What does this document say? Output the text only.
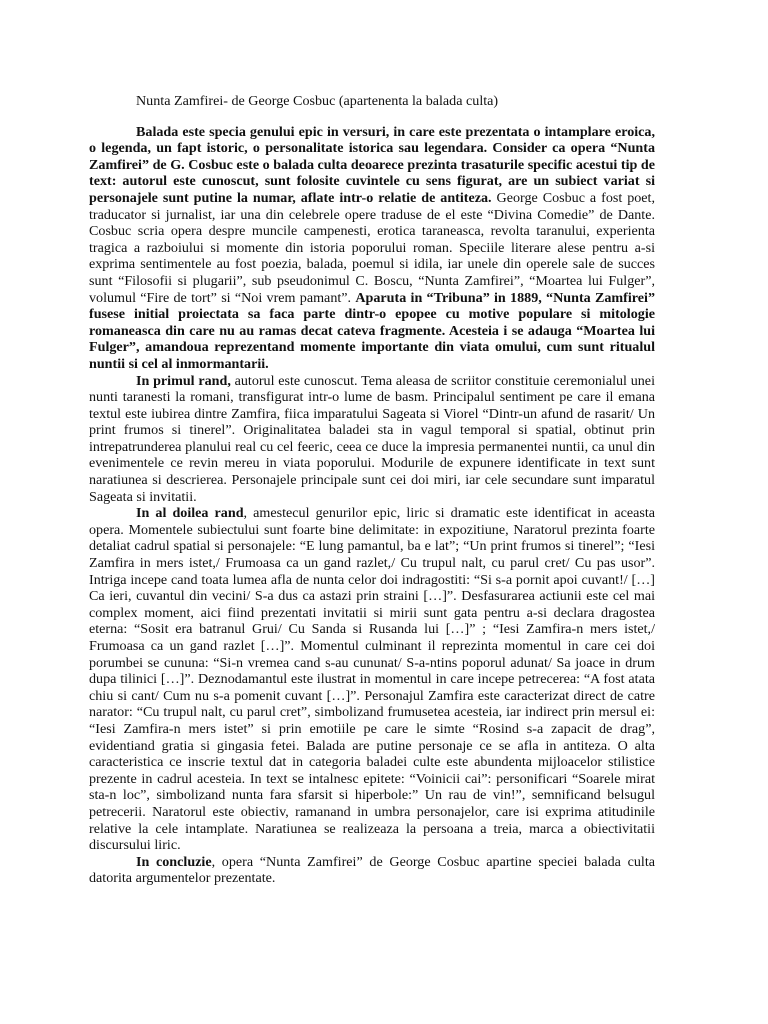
Nunta Zamfirei- de George Cosbuc (apartenenta la balada culta)

Balada este specia genului epic in versuri, in care este prezentata o intamplare eroica, o legenda, un fapt istoric, o personalitate istorica sau legendara. Consider ca opera “Nunta Zamfirei” de G. Cosbuc este o balada culta deoarece prezinta trasaturile specific acestui tip de text: autorul este cunoscut, sunt folosite cuvintele cu sens figurat, are un subiect variat si personajele sunt putine la numar, aflate intr-o relatie de antiteza. George Cosbuc a fost poet, traducator si jurnalist, iar una din celebrele opere traduse de el este “Divina Comedie” de Dante. Cosbuc scria opera despre muncile campenesti, erotica taraneasca, revolta taranului, experienta tragica a razboiului si momente din istoria poporului roman. Speciile literare alese pentru a-si exprima sentimentele au fost poezia, balada, poemul si idila, iar unele din operele sale de succes sunt “Filosofii si plugarii”, sub pseudonimul C. Boscu, “Nunta Zamfirei”, “Moartea lui Fulger”, volumul “Fire de tort” si “Noi vrem pamant”. Aparuta in “Tribuna” in 1889, “Nunta Zamfirei” fusese initial proiectata sa faca parte dintr-o epopee cu motive populare si mitologie romaneasca din care nu au ramas decat cateva fragmente. Acesteia i se adauga “Moartea lui Fulger”, amandoua reprezentand momente importante din viata omului, cum sunt ritualul nuntii si cel al inmormantarii.

In primul rand, autorul este cunoscut. Tema aleasa de scriitor constituie ceremonialul unei nunti taranesti la romani, transfigurat intr-o lume de basm. Principalul sentiment pe care il emana textul este iubirea dintre Zamfira, fiica imparatului Sageata si Viorel “Dintr-un afund de rasarit/ Un print frumos si tinerel”. Originalitatea baladei sta in vagul temporal si spatial, obtinut prin intrepatrunderea planului real cu cel feeric, ceea ce duce la impresia permanentei nuntii, ca unul din evenimentele ce revin mereu in viata poporului. Modurile de expunere identificate in text sunt naratiunea si descrierea. Personajele principale sunt cei doi miri, iar cele secundare sunt imparatul Sageata si invitatii.

In al doilea rand, amestecul genurilor epic, liric si dramatic este identificat in aceasta opera. Momentele subiectului sunt foarte bine delimitate: in expozitiune, Naratorul prezinta foarte detaliat cadrul spatial si personajele: “E lung pamantul, ba e lat”; “Un print frumos si tinerel”; “Iesi Zamfira in mers istet,/ Frumoasa ca un gand razlet,/ Cu trupul nalt, cu parul cret/ Cu pas usor”. Intriga incepe cand toata lumea afla de nunta celor doi indragostiti: “Si s-a pornit apoi cuvant!/ […] Ca ieri, cuvantul din vecini/ S-a dus ca astazi prin straini […]”. Desfasurarea actiunii este cel mai complex moment, aici fiind prezentati invitatii si mirii sunt gata pentru a-si declara dragostea eterna: “Sosit era batranul Grui/ Cu Sanda si Rusanda lui […]” ; “Iesi Zamfira-n mers istet,/ Frumoasa ca un gand razlet […]”. Momentul culminant il reprezinta momentul in care cei doi porumbei se cununa: “Si-n vremea cand s-au cununat/ S-a-ntins poporul adunat/ Sa joace in drum dupa tilinici […]”. Deznodamantul este ilustrat in momentul in care incepe petrecerea: “A fost atata chiu si cant/ Cum nu s-a pomenit cuvant […]”. Personajul Zamfira este caracterizat direct de catre narator: “Cu trupul nalt, cu parul cret”, simbolizand frumusetea acesteia, iar indirect prin mersul ei: “Iesi Zamfira-n mers istet” si prin emotiile pe care le simte “Rosind s-a zapacit de drag”, evidentiand gratia si gingasia fetei. Balada are putine personaje ce se afla in antiteza. O alta caracteristica ce inscrie textul dat in categoria baladei culte este abundenta mijloacelor stilistice prezente in cadrul acesteia. In text se intalnesc epitete: “Voinicii cai”: personificari “Soarele mirat sta-n loc”, simbolizand nunta fara sfarsit si hiperbole:” Un rau de vin!”, semnificand belsugul petrecerii. Naratorul este obiectiv, ramanand in umbra personajelor, care isi exprima atitudinile relative la cele intamplate. Naratiunea se realizeaza la persoana a treia, marca a obiectivitatii discursului liric.

In concluzie, opera “Nunta Zamfirei” de George Cosbuc apartine speciei balada culta datorita argumentelor prezentate.
